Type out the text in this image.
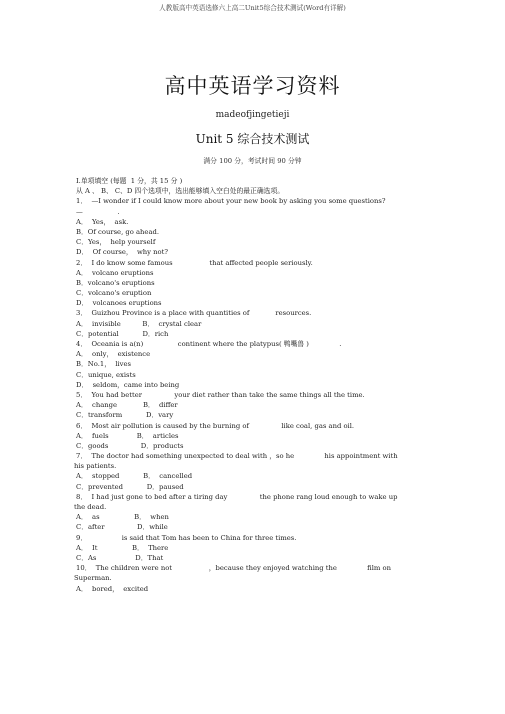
人教版高中英语选修六上高二Unit5综合技术测试(Word有详解)
高中英语学习资料
madeofjingetieji
Unit 5 综合技术测试
满分 100 分，考试时间 90 分钟
Ⅰ.单项填空 (每题  1 分，共 15 分 )
从 A 、 B、 C、D 四个选项中，选出能够填入空白处的最正确选项。
1．  —I wonder if I could know more about your new book by asking you some questions?
—                .
A．  Yes，  ask.
B．Of course, go ahead.
C．Yes，  help yourself
D．  Of course，  why not?
2．  I do know some famous                 that affected people seriously.
A．  volcano eruptions
B．volcano's eruptions
C．volcano's eruption
D．  volcanoes eruptions
3．  Guizhou Province is a place with quantities of            resources.
A．  invisible          B．  crystal clear
C．potential           D．rich
4．  Oceania is a(n)                continent where the platypus( 鸭嘴兽 )              .
A．  only，  existence
B．No.1，  lives
C．unique, exists
D．  seldom，came into being
5．  You had better               your diet rather than take the same things all the time.
A．  change            B．  differ
C．transform           D．vary
6．  Most air pollution is caused by the burning of               like coal, gas and oil.
A．  fuels             B．  articles
C．goods               D．products
7．  The doctor had something unexpected to deal with ，so he              his appointment with
his patients.
A．  stopped           B．  cancelled
C．prevented           D．paused
8．  I had just gone to bed after a tiring day               the phone rang loud enough to wake up
the dead.
A．  as                B．  when
C．after               D．while
9．                is said that Tom has been to China for three times.
A．  It                B．  There
C．As                  D．That
10．  The children were not                 ，because they enjoyed watching the              film on
Superman.
A．  bored，  excited
